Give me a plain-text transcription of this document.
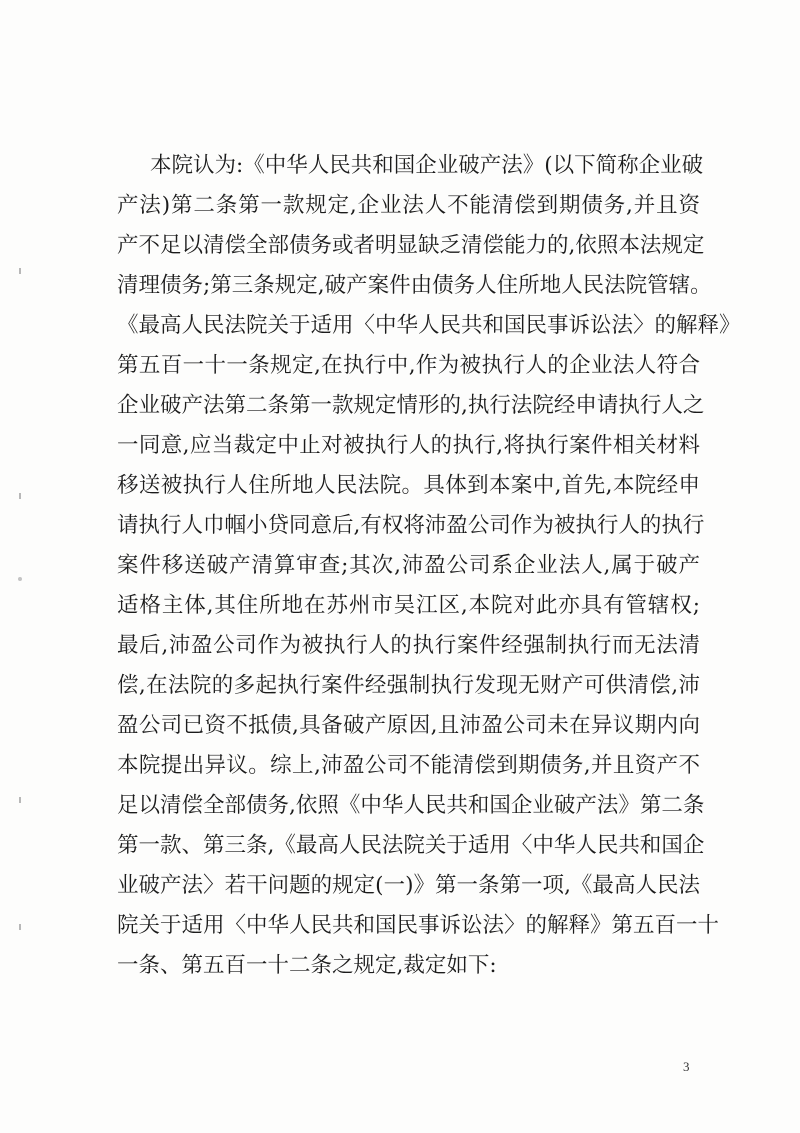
本院认为:《中华人民共和国企业破产法》(以下简称企业破
产法)第二条第一款规定,企业法人不能清偿到期债务,并且资
产不足以清偿全部债务或者明显缺乏清偿能力的,依照本法规定
清理债务;第三条规定,破产案件由债务人住所地人民法院管辖。
《最高人民法院关于适用〈中华人民共和国民事诉讼法〉的解释》
第五百一十一条规定,在执行中,作为被执行人的企业法人符合
企业破产法第二条第一款规定情形的,执行法院经申请执行人之
一同意,应当裁定中止对被执行人的执行,将执行案件相关材料
移送被执行人住所地人民法院。具体到本案中,首先,本院经申
请执行人巾帼小贷同意后,有权将沛盈公司作为被执行人的执行
案件移送破产清算审查;其次,沛盈公司系企业法人,属于破产
适格主体,其住所地在苏州市吴江区,本院对此亦具有管辖权;
最后,沛盈公司作为被执行人的执行案件经强制执行而无法清
偿,在法院的多起执行案件经强制执行发现无财产可供清偿,沛
盈公司已资不抵债,具备破产原因,且沛盈公司未在异议期内向
本院提出异议。综上,沛盈公司不能清偿到期债务,并且资产不
足以清偿全部债务,依照《中华人民共和国企业破产法》第二条
第一款、第三条,《最高人民法院关于适用〈中华人民共和国企
业破产法〉若干问题的规定(一)》第一条第一项,《最高人民法
院关于适用〈中华人民共和国民事诉讼法〉的解释》第五百一十
一条、第五百一十二条之规定,裁定如下:
3
